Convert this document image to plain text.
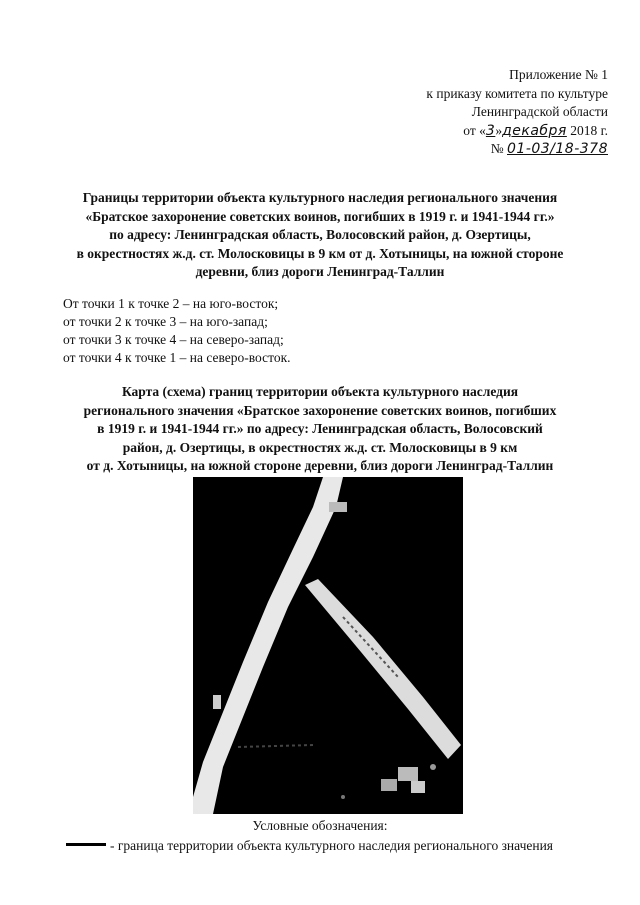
Приложение № 1
к приказу комитета по культуре
Ленинградской области
от «3»декабря 2018 г.
№ 01-03/18-378
Границы территории объекта культурного наследия регионального значения
«Братское захоронение советских воинов, погибших в 1919 г. и 1941-1944 гг.»
по адресу: Ленинградская область, Волосовский район, д. Озертицы,
в окрестностях ж.д. ст. Молосковицы в 9 км от д. Хотыницы, на южной стороне
деревни, близ дороги Ленинград-Таллин
От точки 1 к точке 2 – на юго-восток;
от точки 2 к точке 3 – на юго-запад;
от точки 3 к точке 4 – на северо-запад;
от точки 4 к точке 1 – на северо-восток.
Карта (схема) границ территории объекта культурного наследия
регионального значения «Братское захоронение советских воинов, погибших
в 1919 г. и 1941-1944 гг.» по адресу: Ленинградская область, Волосовский
район, д. Озертицы, в окрестностях ж.д. ст. Молосковицы в 9 км
от д. Хотыницы, на южной стороне деревни, близ дороги Ленинград-Таллин
Условные обозначения:
- граница территории объекта культурного наследия регионального значения
